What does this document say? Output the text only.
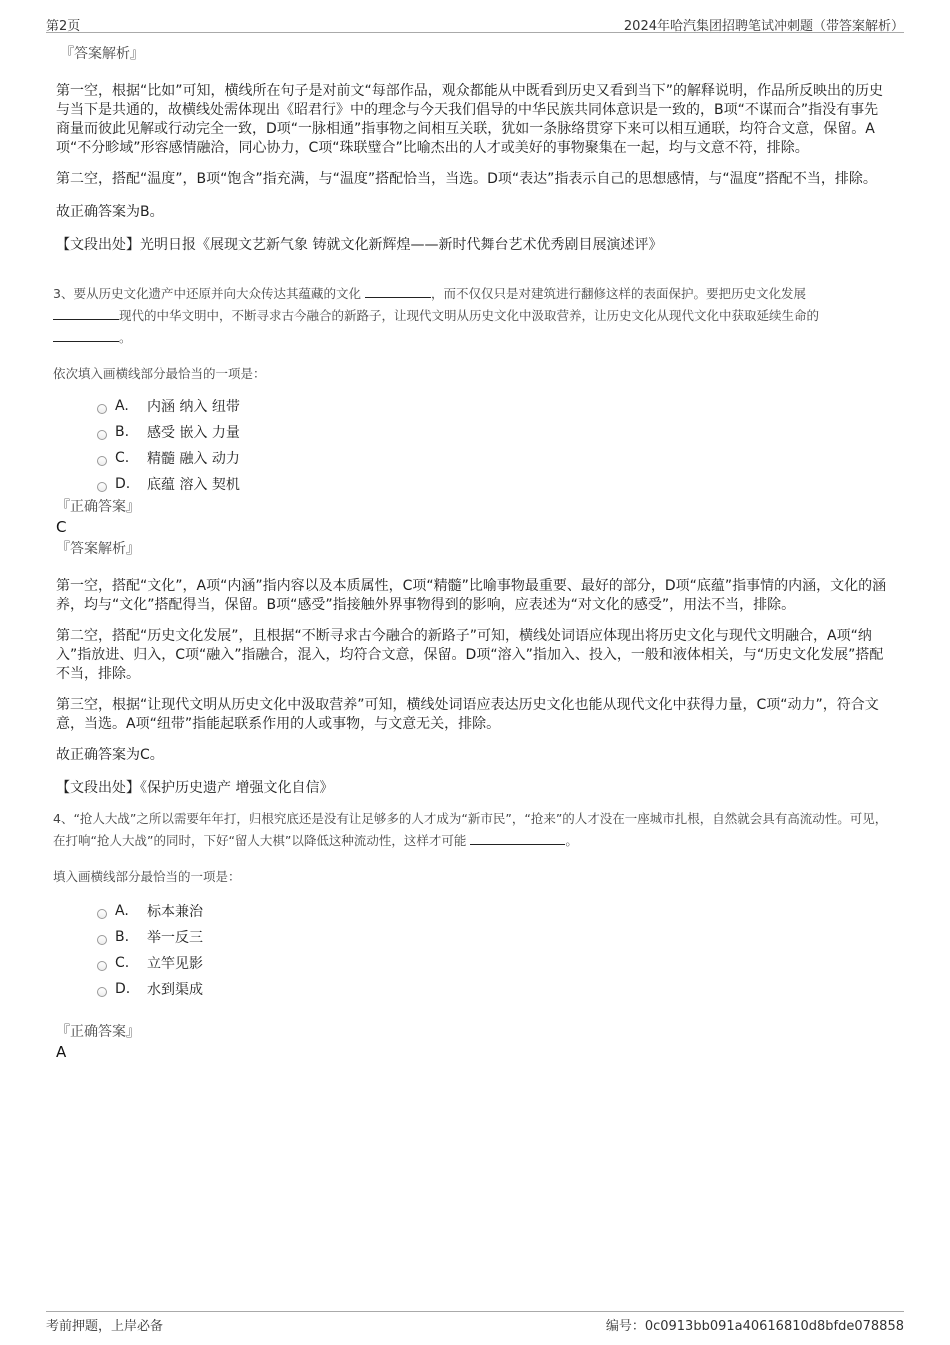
第2页	2024年哈汽集团招聘笔试冲刺题（带答案解析）

『答案解析』

第一空，根据“比如”可知，横线所在句子是对前文“每部作品，观众都能从中既看到历史又看到当下”的解释说明，作品所反映出的历史与当下是共通的，故横线处需体现出《昭君行》中的理念与今天我们倡导的中华民族共同体意识是一致的，B项“不谋而合”指没有事先商量而彼此见解或行动完全一致，D项“一脉相通”指事物之间相互关联，犹如一条脉络贯穿下来可以相互通联，均符合文意，保留。A项“不分畛域”形容感情融洽，同心协力，C项“珠联璧合”比喻杰出的人才或美好的事物聚集在一起，均与文意不符，排除。

第二空，搭配“温度”，B项“饱含”指充满，与“温度”搭配恰当，当选。D项“表达”指表示自己的思想感情，与“温度”搭配不当，排除。

故正确答案为B。

【文段出处】光明日报《展现文艺新气象 铸就文化新辉煌——新时代舞台艺术优秀剧目展演述评》

3、要从历史文化遗产中还原并向大众传达其蕴藏的文化	，而不仅仅只是对建筑进行翻修这样的表面保护。要把历史文化发展
现代的中华文明中，不断寻求古今融合的新路子，让现代文明从历史文化中汲取营养，让历史文化从现代文化中获取延续生命的
。

依次填入画横线部分最恰当的一项是：

A.	内涵 纳入 纽带
B.	感受 嵌入 力量
C.	精髓 融入 动力
D.	底蕴 溶入 契机

『正确答案』

C

『答案解析』

第一空，搭配“文化”，A项“内涵”指内容以及本质属性，C项“精髓”比喻事物最重要、最好的部分，D项“底蕴”指事情的内涵，文化的涵养，均与“文化”搭配得当，保留。B项“感受”指接触外界事物得到的影响，应表述为“对文化的感受”，用法不当，排除。

第二空，搭配“历史文化发展”，且根据“不断寻求古今融合的新路子”可知，横线处词语应体现出将历史文化与现代文明融合，A项“纳入”指放进、归入，C项“融入”指融合，混入，均符合文意，保留。D项“溶入”指加入、投入，一般和液体相关，与“历史文化发展”搭配不当，排除。

第三空，根据“让现代文明从历史文化中汲取营养”可知，横线处词语应表达历史文化也能从现代文化中获得力量，C项“动力”，符合文意，当选。A项“纽带”指能起联系作用的人或事物，与文意无关，排除。

故正确答案为C。

【文段出处】《保护历史遗产 增强文化自信》

4、“抢人大战”之所以需要年年打，归根究底还是没有让足够多的人才成为“新市民”，“抢来”的人才没在一座城市扎根，自然就会具有高流动性。可见，在打响“抢人大战”的同时，下好“留人大棋”以降低这种流动性，这样才可能	。

填入画横线部分最恰当的一项是：

A.	标本兼治
B.	举一反三
C.	立竿见影
D.	水到渠成

『正确答案』

A

考前押题，上岸必备	编号：0c0913bb091a40616810d8bfde078858
